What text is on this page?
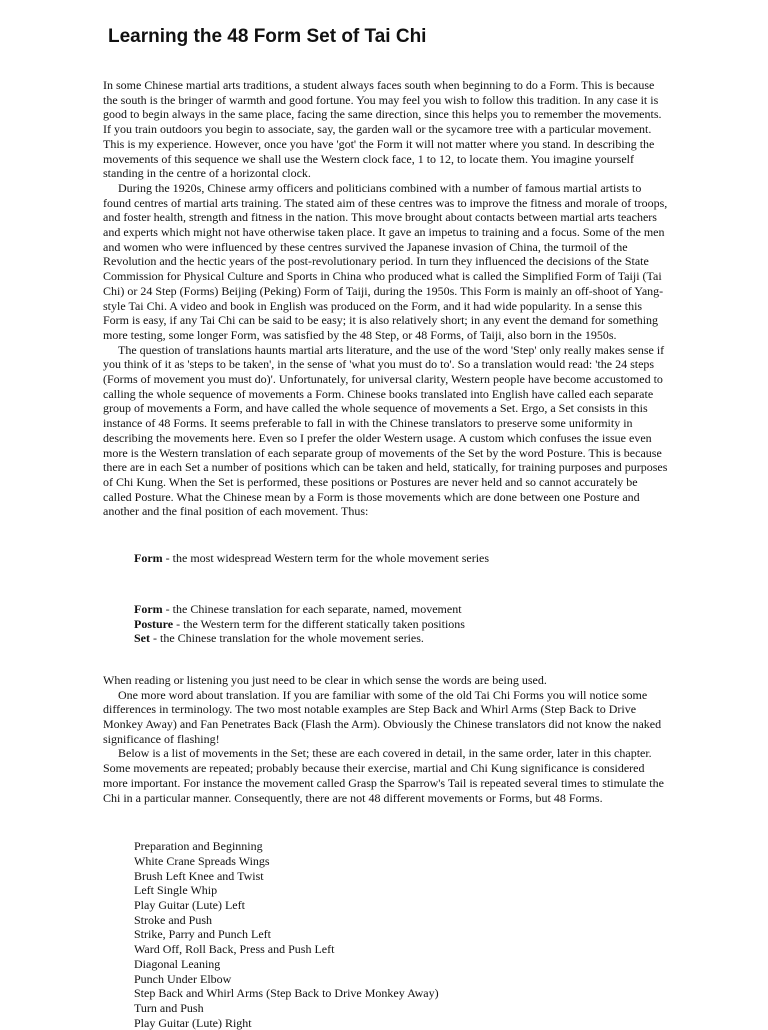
Learning the 48 Form Set of Tai Chi

In some Chinese martial arts traditions, a student always faces south when beginning to do a Form. This is because the south is the bringer of warmth and good fortune. You may feel you wish to follow this tradition. In any case it is good to begin always in the same place, facing the same direction, since this helps you to remember the movements. If you train outdoors you begin to associate, say, the garden wall or the sycamore tree with a particular movement. This is my experience. However, once you have 'got' the Form it will not matter where you stand. In describing the movements of this sequence we shall use the Western clock face, 1 to 12, to locate them. You imagine yourself standing in the centre of a horizontal clock.

During the 1920s, Chinese army officers and politicians combined with a number of famous martial artists to found centres of martial arts training. The stated aim of these centres was to improve the fitness and morale of troops, and foster health, strength and fitness in the nation. This move brought about contacts between martial arts teachers and experts which might not have otherwise taken place. It gave an impetus to training and a focus. Some of the men and women who were influenced by these centres survived the Japanese invasion of China, the turmoil of the Revolution and the hectic years of the post-revolutionary period. In turn they influenced the decisions of the State Commission for Physical Culture and Sports in China who produced what is called the Simplified Form of Taiji (Tai Chi) or 24 Step (Forms) Beijing (Peking) Form of Taiji, during the 1950s. This Form is mainly an off-shoot of Yang-style Tai Chi. A video and book in English was produced on the Form, and it had wide popularity. In a sense this Form is easy, if any Tai Chi can be said to be easy; it is also relatively short; in any event the demand for something more testing, some longer Form, was satisfied by the 48 Step, or 48 Forms, of Taiji, also born in the 1950s.

The question of translations haunts martial arts literature, and the use of the word 'Step' only really makes sense if you think of it as 'steps to be taken', in the sense of 'what you must do to'. So a translation would read: 'the 24 steps (Forms of movement you must do)'. Unfortunately, for universal clarity, Western people have become accustomed to calling the whole sequence of movements a Form. Chinese books translated into English have called each separate group of movements a Form, and have called the whole sequence of movements a Set. Ergo, a Set consists in this instance of 48 Forms. It seems preferable to fall in with the Chinese translators to preserve some uniformity in describing the movements here. Even so I prefer the older Western usage. A custom which confuses the issue even more is the Western translation of each separate group of movements of the Set by the word Posture. This is because there are in each Set a number of positions which can be taken and held, statically, for training purposes and purposes of Chi Kung. When the Set is performed, these positions or Postures are never held and so cannot accurately be called Posture. What the Chinese mean by a Form is those movements which are done between one Posture and another and the final position of each movement. Thus:

Form - the most widespread Western term for the whole movement series

Form - the Chinese translation for each separate, named, movement

Posture - the Western term for the different statically taken positions

Set - the Chinese translation for the whole movement series.

When reading or listening you just need to be clear in which sense the words are being used.

One more word about translation. If you are familiar with some of the old Tai Chi Forms you will notice some differences in terminology. The two most notable examples are Step Back and Whirl Arms (Step Back to Drive Monkey Away) and Fan Penetrates Back (Flash the Arm). Obviously the Chinese translators did not know the naked significance of flashing!

Below is a list of movements in the Set; these are each covered in detail, in the same order, later in this chapter. Some movements are repeated; probably because their exercise, martial and Chi Kung significance is considered more important. For instance the movement called Grasp the Sparrow's Tail is repeated several times to stimulate the Chi in a particular manner. Consequently, there are not 48 different movements or Forms, but 48 Forms.

Preparation and Beginning
White Crane Spreads Wings
Brush Left Knee and Twist
Left Single Whip
Play Guitar (Lute) Left
Stroke and Push
Strike, Parry and Punch Left
Ward Off, Roll Back, Press and Push Left
Diagonal Leaning
Punch Under Elbow
Step Back and Whirl Arms (Step Back to Drive Monkey Away)
Turn and Push
Play Guitar (Lute) Right
